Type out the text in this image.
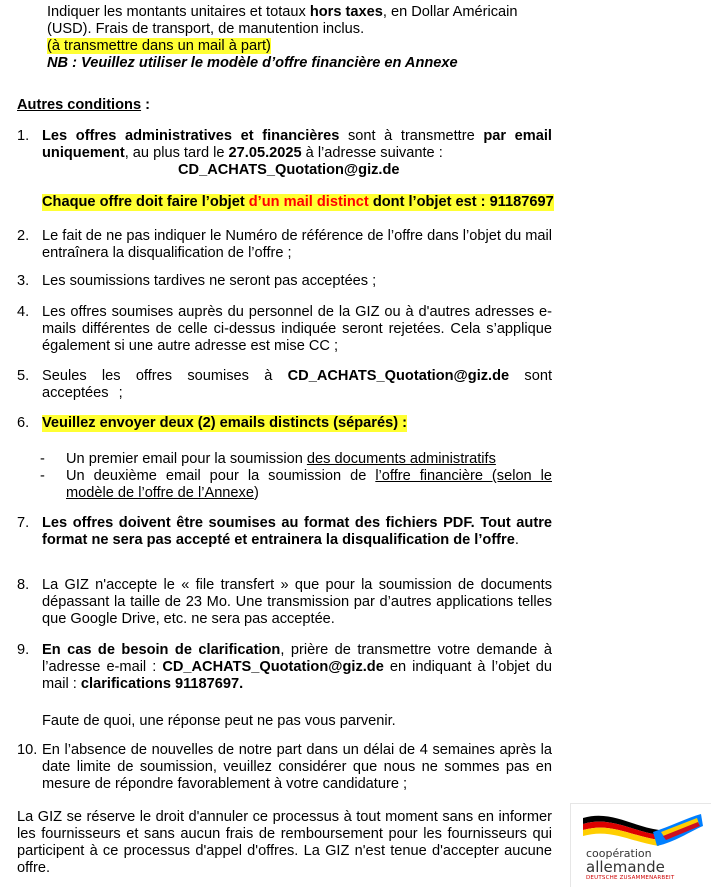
Indiquer les montants unitaires et totaux hors taxes, en Dollar Américain
(USD). Frais de transport, de manutention inclus.
(à transmettre dans un mail à part)
NB : Veuillez utiliser le modèle d’offre financière en Annexe
Autres conditions :
1. Les offres administratives et financières sont à transmettre par email uniquement, au plus tard le 27.05.2025 à l’adresse suivante :
CD_ACHATS_Quotation@giz.de
Chaque offre doit faire l’objet d’un mail distinct dont l’objet est : 91187697
2. Le fait de ne pas indiquer le Numéro de référence de l’offre dans l’objet du mail entraînera la disqualification de l’offre ;
3. Les soumissions tardives ne seront pas acceptées ;
4. Les offres soumises auprès du personnel de la GIZ ou à d'autres adresses e-mails différentes de celle ci-dessus indiquée seront rejetées. Cela s’applique également si une autre adresse est mise CC ;
5. Seules les offres soumises à CD_ACHATS_Quotation@giz.de sont acceptées ;
6. Veuillez envoyer deux (2) emails distincts (séparés) :
- Un premier email pour la soumission des documents administratifs
- Un deuxième email pour la soumission de l’offre financière (selon le modèle de l’offre de l’Annexe)
7. Les offres doivent être soumises au format des fichiers PDF. Tout autre format ne sera pas accepté et entrainera la disqualification de l’offre.
8. La GIZ n'accepte le « file transfert » que pour la soumission de documents dépassant la taille de 23 Mo. Une transmission par d’autres applications telles que Google Drive, etc. ne sera pas acceptée.
9. En cas de besoin de clarification, prière de transmettre votre demande à l’adresse e-mail : CD_ACHATS_Quotation@giz.de en indiquant à l’objet du mail : clarifications 91187697.
Faute de quoi, une réponse peut ne pas vous parvenir.
10. En l’absence de nouvelles de notre part dans un délai de 4 semaines après la date limite de soumission, veuillez considérer que nous ne sommes pas en mesure de répondre favorablement à votre candidature ;
La GIZ se réserve le droit d'annuler ce processus à tout moment sans en informer les fournisseurs et sans aucun frais de remboursement pour les fournisseurs qui participent à ce processus d'appel d'offres. La GIZ n'est tenue d'accepter aucune offre.
coopération
allemande
DEUTSCHE ZUSAMMENARBEIT
